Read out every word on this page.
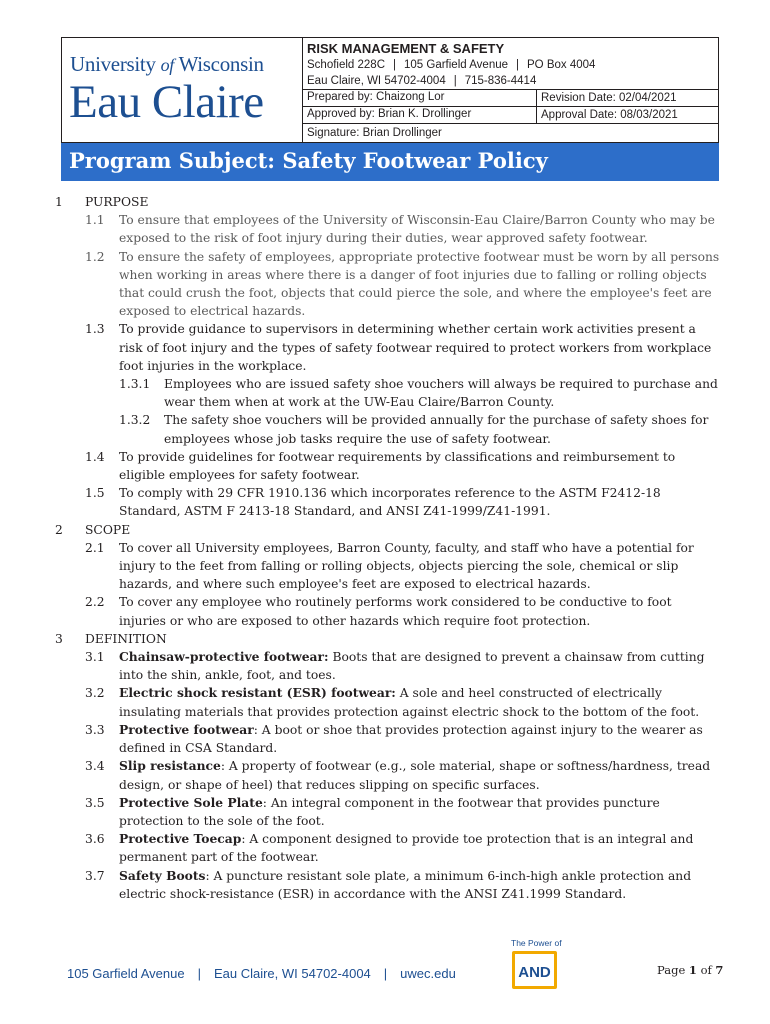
University of Wisconsin
Eau Claire
RISK MANAGEMENT & SAFETY
Schofield 228C | 105 Garfield Avenue | PO Box 4004
Eau Claire, WI 54702-4004 | 715-836-4414
Prepared by: Chaizong Lor	Revision Date: 02/04/2021
Approved by: Brian K. Drollinger	Approval Date: 08/03/2021
Signature: Brian Drollinger
Program Subject: Safety Footwear Policy
1 PURPOSE
1.1 To ensure that employees of the University of Wisconsin-Eau Claire/Barron County who may be exposed to the risk of foot injury during their duties, wear approved safety footwear.
1.2 To ensure the safety of employees, appropriate protective footwear must be worn by all persons when working in areas where there is a danger of foot injuries due to falling or rolling objects that could crush the foot, objects that could pierce the sole, and where the employee's feet are exposed to electrical hazards.
1.3 To provide guidance to supervisors in determining whether certain work activities present a risk of foot injury and the types of safety footwear required to protect workers from workplace foot injuries in the workplace.
1.3.1 Employees who are issued safety shoe vouchers will always be required to purchase and wear them when at work at the UW-Eau Claire/Barron County.
1.3.2 The safety shoe vouchers will be provided annually for the purchase of safety shoes for employees whose job tasks require the use of safety footwear.
1.4 To provide guidelines for footwear requirements by classifications and reimbursement to eligible employees for safety footwear.
1.5 To comply with 29 CFR 1910.136 which incorporates reference to the ASTM F2412-18 Standard, ASTM F 2413-18 Standard, and ANSI Z41-1999/Z41-1991.
2 SCOPE
2.1 To cover all University employees, Barron County, faculty, and staff who have a potential for injury to the feet from falling or rolling objects, objects piercing the sole, chemical or slip hazards, and where such employee's feet are exposed to electrical hazards.
2.2 To cover any employee who routinely performs work considered to be conductive to foot injuries or who are exposed to other hazards which require foot protection.
3 DEFINITION
3.1 Chainsaw-protective footwear: Boots that are designed to prevent a chainsaw from cutting into the shin, ankle, foot, and toes.
3.2 Electric shock resistant (ESR) footwear: A sole and heel constructed of electrically insulating materials that provides protection against electric shock to the bottom of the foot.
3.3 Protective footwear: A boot or shoe that provides protection against injury to the wearer as defined in CSA Standard.
3.4 Slip resistance: A property of footwear (e.g., sole material, shape or softness/hardness, tread design, or shape of heel) that reduces slipping on specific surfaces.
3.5 Protective Sole Plate: An integral component in the footwear that provides puncture protection to the sole of the foot.
3.6 Protective Toecap: A component designed to provide toe protection that is an integral and permanent part of the footwear.
3.7 Safety Boots: A puncture resistant sole plate, a minimum 6-inch-high ankle protection and electric shock-resistance (ESR) in accordance with the ANSI Z41.1999 Standard.
105 Garfield Avenue | Eau Claire, WI 54702-4004 | uwec.edu
The Power of
AND	Page 1 of 7
